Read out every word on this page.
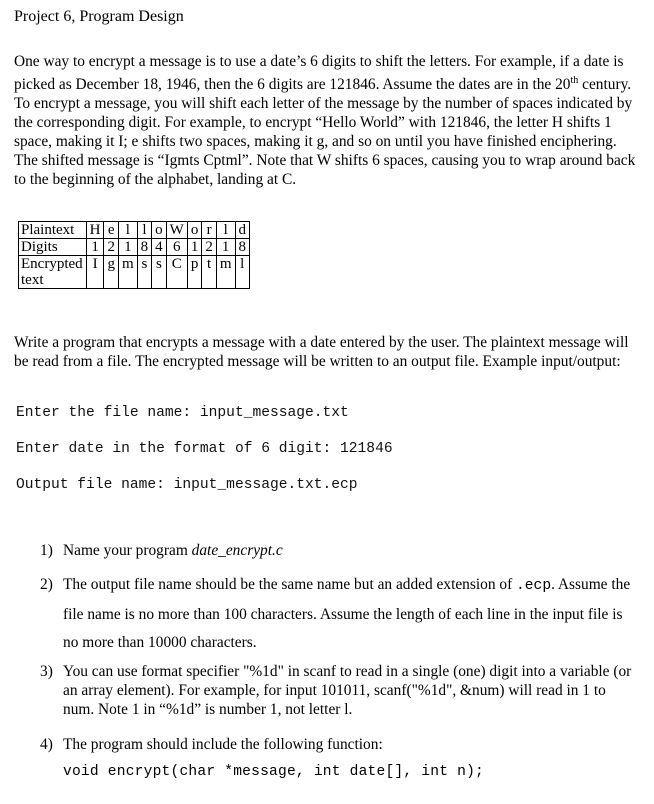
Project 6, Program Design

One way to encrypt a message is to use a date’s 6 digits to shift the letters. For example, if a date is picked as December 18, 1946, then the 6 digits are 121846. Assume the dates are in the 20th century. To encrypt a message, you will shift each letter of the message by the number of spaces indicated by the corresponding digit. For example, to encrypt “Hello World” with 121846, the letter H shifts 1 space, making it I; e shifts two spaces, making it g, and so on until you have finished enciphering. The shifted message is “Igmts Cptml”. Note that W shifts 6 spaces, causing you to wrap around back to the beginning of the alphabet, landing at C.

Plaintext	H	e	l	l	o	W	o	r	l	d
Digits	1	2	1	8	4	6	1	2	1	8
Encrypted
text	I	g	m	s	s	C	p	t	m	l

Write a program that encrypts a message with a date entered by the user. The plaintext message will be read from a file. The encrypted message will be written to an output file. Example input/output:

Enter the file name: input_message.txt
Enter date in the format of 6 digit: 121846
Output file name: input_message.txt.ecp
1) Name your program date_encrypt.c
2) The output file name should be the same name but an added extension of .ecp. Assume the file name is no more than 100 characters. Assume the length of each line in the input file is no more than 10000 characters.
3) You can use format specifier "%1d" in scanf to read in a single (one) digit into a variable (or an array element). For example, for input 101011, scanf("%1d", &num) will read in 1 to num. Note 1 in “%1d” is number 1, not letter l.
4) The program should include the following function:
void encrypt(char *message, int date[], int n);
